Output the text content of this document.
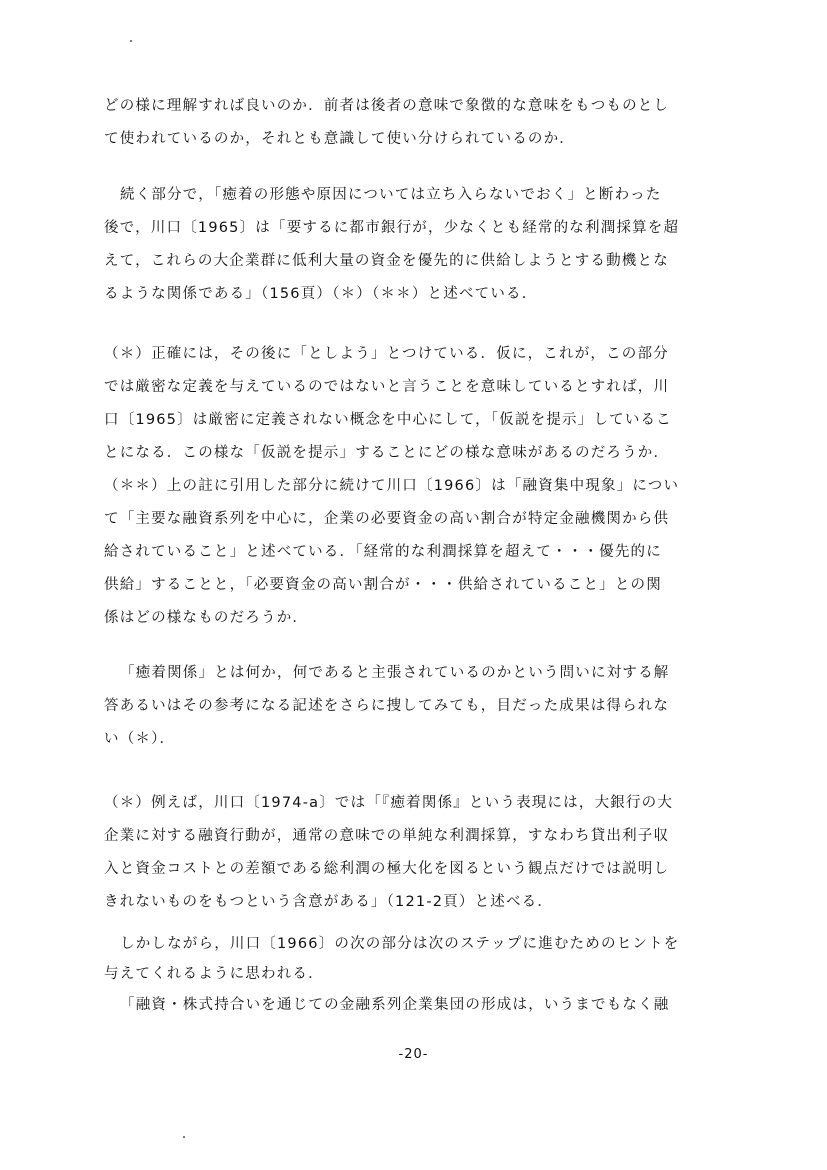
どの様に理解すれば良いのか．前者は後者の意味で象徴的な意味をもつものとし
て使われているのか，それとも意識して使い分けられているのか．
続く部分で，「癒着の形態や原因については立ち入らないでおく」と断わった
後で，川口〔1965〕は「要するに都市銀行が，少なくとも経常的な利潤採算を超
えて，これらの大企業群に低利大量の資金を優先的に供給しようとする動機とな
るような関係である」（156頁）（＊）（＊＊）と述べている．
（＊）正確には，その後に「としよう」とつけている．仮に，これが，この部分
では厳密な定義を与えているのではないと言うことを意味しているとすれば，川
口〔1965〕は厳密に定義されない概念を中心にして，「仮説を提示」しているこ
とになる．この様な「仮説を提示」することにどの様な意味があるのだろうか．
（＊＊）上の註に引用した部分に続けて川口〔1966〕は「融資集中現象」につい
て「主要な融資系列を中心に，企業の必要資金の高い割合が特定金融機関から供
給されていること」と述べている．「経常的な利潤採算を超えて・・・優先的に
供給」することと，「必要資金の高い割合が・・・供給されていること」との関
係はどの様なものだろうか．
「癒着関係」とは何か，何であると主張されているのかという問いに対する解
答あるいはその参考になる記述をさらに捜してみても，目だった成果は得られな
い（＊）．
（＊）例えば，川口〔1974-a〕では「『癒着関係』という表現には，大銀行の大
企業に対する融資行動が，通常の意味での単純な利潤採算，すなわち貸出利子収
入と資金コストとの差額である総利潤の極大化を図るという観点だけでは説明し
きれないものをもつという含意がある」（121-2頁）と述べる．
しかしながら，川口〔1966〕の次の部分は次のステップに進むためのヒントを
与えてくれるように思われる．
「融資・株式持合いを通じての金融系列企業集団の形成は，いうまでもなく融
-20-
